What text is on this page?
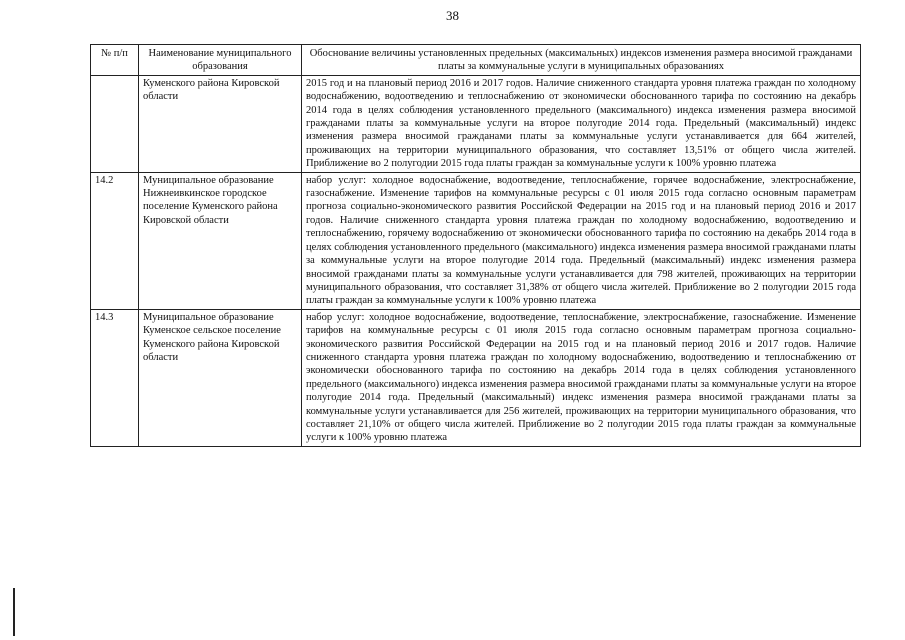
38
№ п/п	Наименование муниципального образования	Обоснование величины установленных предельных (максимальных) индексов изменения размера вносимой гражданами платы за коммунальные услуги в муниципальных образованиях
	Куменского района Кировской области	2015 год и на плановый период 2016 и 2017 годов. Наличие сниженного стандарта уровня платежа граждан по холодному водоснабжению, водоотведению и теплоснабжению от экономически обоснованного тарифа по состоянию на декабрь 2014 года в целях соблюдения установленного предельного (максимального) индекса изменения размера вносимой гражданами платы за коммунальные услуги на второе полугодие 2014 года. Предельный (максимальный) индекс изменения размера вносимой гражданами платы за коммунальные услуги устанавливается для 664 жителей, проживающих на территории муниципального образования, что составляет 13,51% от общего числа жителей. Приближение во 2 полугодии 2015 года платы граждан за коммунальные услуги к 100% уровню платежа
14.2	Муниципальное образование Нижнеивкинское городское поселение Куменского района Кировской области	набор услуг: холодное водоснабжение, водоотведение, теплоснабжение, горячее водоснабжение, электроснабжение, газоснабжение. Изменение тарифов на коммунальные ресурсы с 01 июля 2015 года согласно основным параметрам прогноза социально-экономического развития Российской Федерации на 2015 год и на плановый период 2016 и 2017 годов. Наличие сниженного стандарта уровня платежа граждан по холодному водоснабжению, водоотведению и теплоснабжению, горячему водоснабжению от экономически обоснованного тарифа по состоянию на декабрь 2014 года в целях соблюдения установленного предельного (максимального) индекса изменения размера вносимой гражданами платы за коммунальные услуги на второе полугодие 2014 года. Предельный (максимальный) индекс изменения размера вносимой гражданами платы за коммунальные услуги устанавливается для 798 жителей, проживающих на территории муниципального образования, что составляет 31,38% от общего числа жителей. Приближение во 2 полугодии 2015 года платы граждан за коммунальные услуги к 100% уровню платежа
14.3	Муниципальное образование Куменское сельское поселение Куменского района Кировской области	набор услуг: холодное водоснабжение, водоотведение, теплоснабжение, электроснабжение, газоснабжение. Изменение тарифов на коммунальные ресурсы с 01 июля 2015 года согласно основным параметрам прогноза социально-экономического развития Российской Федерации на 2015 год и на плановый период 2016 и 2017 годов. Наличие сниженного стандарта уровня платежа граждан по холодному водоснабжению, водоотведению и теплоснабжению от экономически обоснованного тарифа по состоянию на декабрь 2014 года в целях соблюдения установленного предельного (максимального) индекса изменения размера вносимой гражданами платы за коммунальные услуги на второе полугодие 2014 года. Предельный (максимальный) индекс изменения размера вносимой гражданами платы за коммунальные услуги устанавливается для 256 жителей, проживающих на территории муниципального образования, что составляет 21,10% от общего числа жителей. Приближение во 2 полугодии 2015 года платы граждан за коммунальные услуги к 100% уровню платежа
